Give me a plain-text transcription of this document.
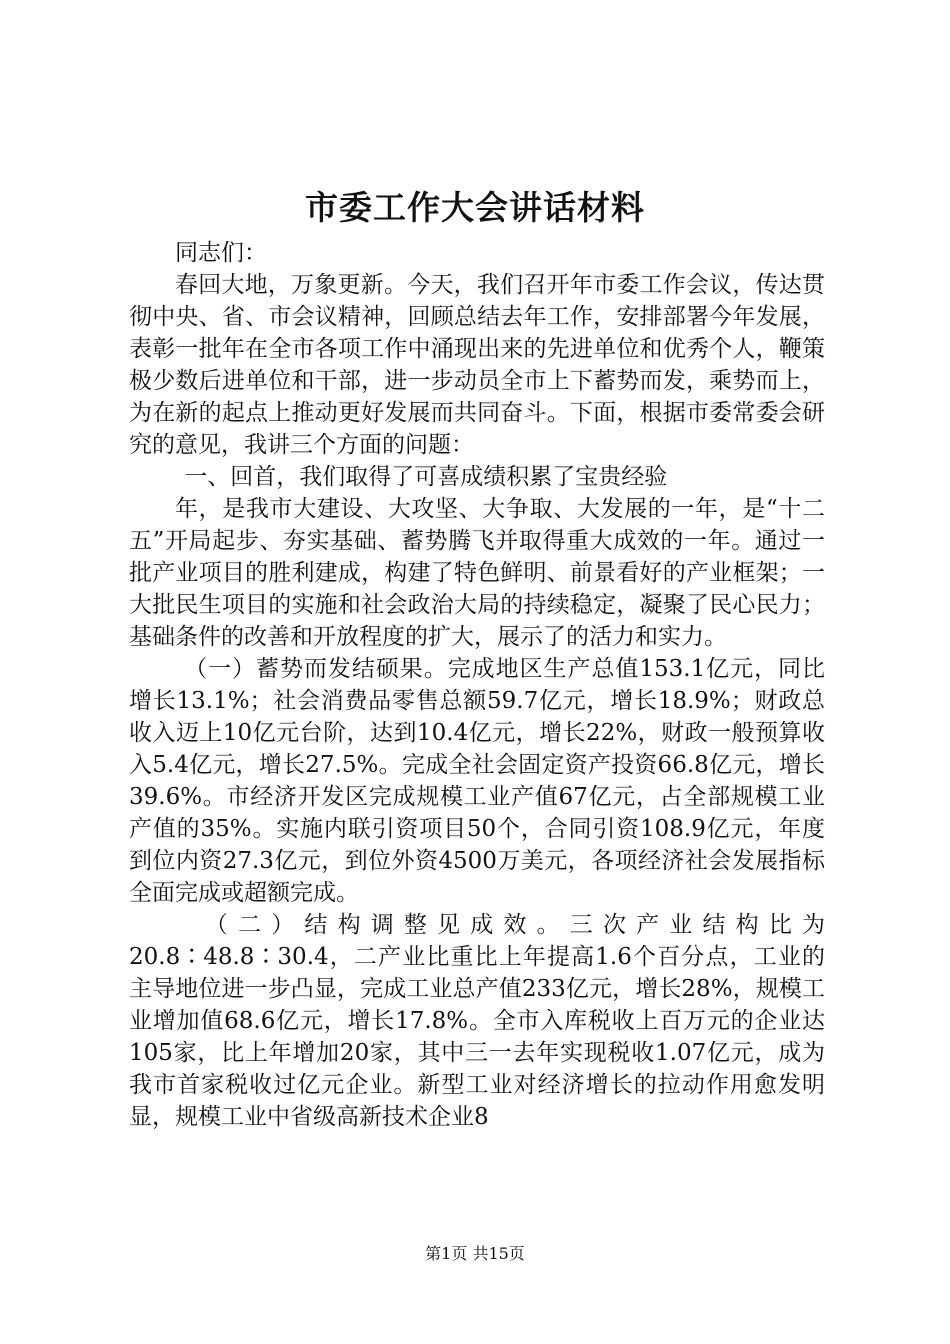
市委工作大会讲话材料

同志们：

春回大地，万象更新。今天，我们召开年市委工作会议，传达贯彻中央、省、市会议精神，回顾总结去年工作，安排部署今年发展，表彰一批年在全市各项工作中涌现出来的先进单位和优秀个人，鞭策极少数后进单位和干部，进一步动员全市上下蓄势而发，乘势而上，为在新的起点上推动更好发展而共同奋斗。下面，根据市委常委会研究的意见，我讲三个方面的问题：

一、回首，我们取得了可喜成绩积累了宝贵经验

年，是我市大建设、大攻坚、大争取、大发展的一年，是“十二五”开局起步、夯实基础、蓄势腾飞并取得重大成效的一年。通过一批产业项目的胜利建成，构建了特色鲜明、前景看好的产业框架；一大批民生项目的实施和社会政治大局的持续稳定，凝聚了民心民力；基础条件的改善和开放程度的扩大，展示了的活力和实力。

（一）蓄势而发结硕果。完成地区生产总值153.1亿元，同比增长13.1%；社会消费品零售总额59.7亿元，增长18.9%；财政总收入迈上10亿元台阶，达到10.4亿元，增长22%，财政一般预算收入5.4亿元，增长27.5%。完成全社会固定资产投资66.8亿元，增长39.6%。市经济开发区完成规模工业产值67亿元，占全部规模工业产值的35%。实施内联引资项目50个，合同引资108.9亿元，年度到位内资27.3亿元，到位外资4500万美元，各项经济社会发展指标全面完成或超额完成。

（二）结构调整见成效。三次产业结构比为20.8∶48.8∶30.4，二产业比重比上年提高1.6个百分点，工业的主导地位进一步凸显，完成工业总产值233亿元，增长28%，规模工业增加值68.6亿元，增长17.8%。全市入库税收上百万元的企业达105家，比上年增加20家，其中三一去年实现税收1.07亿元，成为我市首家税收过亿元企业。新型工业对经济增长的拉动作用愈发明显，规模工业中省级高新技术企业8

第1页 共15页
